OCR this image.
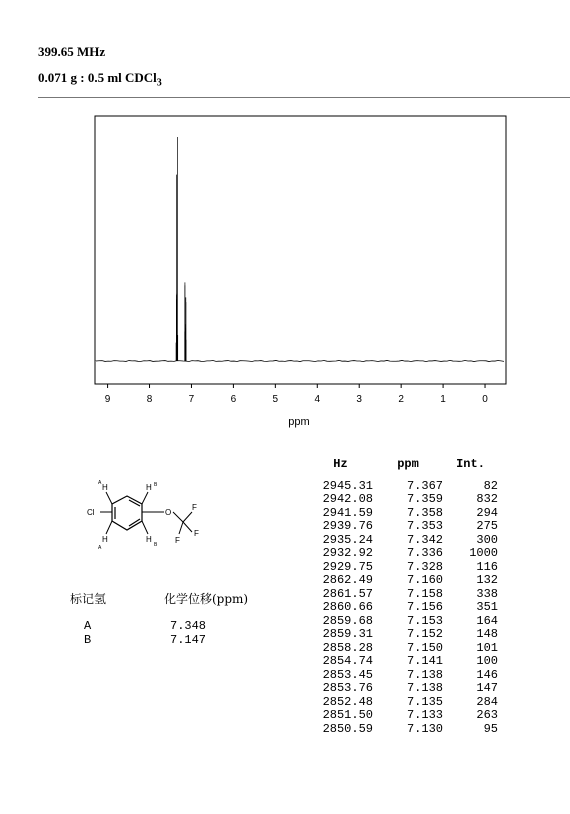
399.65 MHz
0.071 g : 0.5 ml CDCl$_3$
9	8	7	6	5	4	3	2	1	0
ppm
Hz	ppm	Int.
2945.31	7.367	82
2942.08	7.359	832
2941.59	7.358	294
2939.76	7.353	275
2935.24	7.342	300
2932.92	7.336	1000
2929.75	7.328	116
2862.49	7.160	132
2861.57	7.158	338
2860.66	7.156	351
2859.68	7.153	164
2859.31	7.152	148
2858.28	7.150	101
2854.74	7.141	100
2853.45	7.138	146
2853.76	7.138	147
2852.48	7.135	284
2851.50	7.133	263
2850.59	7.130	95
H
A	H B
Cl	O
F
F
F
H
A
H
B
标记氢	化学位移(ppm)
A	7.348
B	7.147
